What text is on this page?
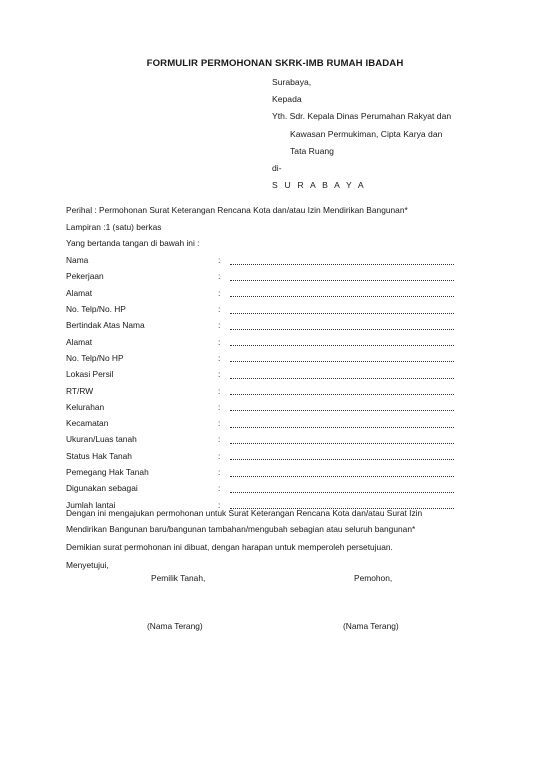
FORMULIR PERMOHONAN SKRK-IMB RUMAH IBADAH
Surabaya,
Kepada
Yth. Sdr. Kepala Dinas Perumahan Rakyat dan
Kawasan Permukiman, Cipta Karya dan
Tata Ruang
di-
S U R A B A Y A
Perihal : Permohonan Surat Keterangan Rencana Kota dan/atau Izin Mendirikan Bangunan*
Lampiran :1 (satu) berkas
Yang bertanda tangan di bawah ini :
Nama	:
Pekerjaan	:
Alamat	:
No. Telp/No. HP	:
Bertindak Atas Nama	:
Alamat	:
No. Telp/No HP	:
Lokasi Persil	:
RT/RW	:
Kelurahan	:
Kecamatan	:
Ukuran/Luas tanah	:
Status Hak Tanah	:
Pemegang Hak Tanah	:
Digunakan sebagai	:
Jumlah lantai	:
Dengan ini mengajukan permohonan untuk Surat Keterangan Rencana Kota dan/atau Surat Izin
Mendirikan Bangunan baru/bangunan tambahan/mengubah sebagian atau seluruh bangunan*
Demikian surat permohonan ini dibuat, dengan harapan untuk memperoleh persetujuan.
Menyetujui,
Pemilik Tanah,	Pemohon,
(Nama Terang)	(Nama Terang)
